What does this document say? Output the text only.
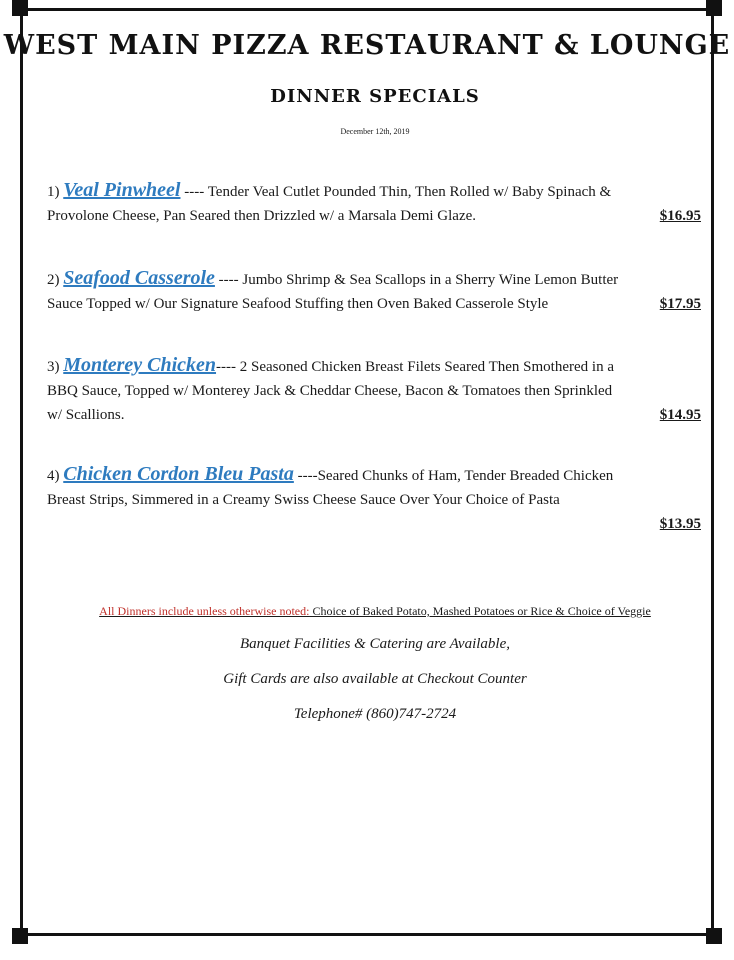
WEST MAIN PIZZA RESTAURANT & LOUNGE
DINNER SPECIALS
December 12th, 2019
1) Veal Pinwheel ---- Tender Veal Cutlet Pounded Thin, Then Rolled w/ Baby Spinach &
Provolone Cheese, Pan Seared then Drizzled w/ a Marsala Demi Glaze.	$16.95
2) Seafood Casserole ---- Jumbo Shrimp & Sea Scallops in a Sherry Wine Lemon Butter
Sauce Topped w/ Our Signature Seafood Stuffing then Oven Baked Casserole Style	$17.95
3) Monterey Chicken---- 2 Seasoned Chicken Breast Filets Seared Then Smothered in a
BBQ Sauce, Topped w/ Monterey Jack & Cheddar Cheese, Bacon & Tomatoes then Sprinkled
w/ Scallions.	$14.95
4) Chicken Cordon Bleu Pasta ----Seared Chunks of Ham, Tender Breaded Chicken
Breast Strips, Simmered in a Creamy Swiss Cheese Sauce Over Your Choice of Pasta
$13.95
All Dinners include unless otherwise noted: Choice of Baked Potato, Mashed Potatoes or Rice & Choice of Veggie
Banquet Facilities & Catering are Available,
Gift Cards are also available at Checkout Counter
Telephone# (860)747-2724
